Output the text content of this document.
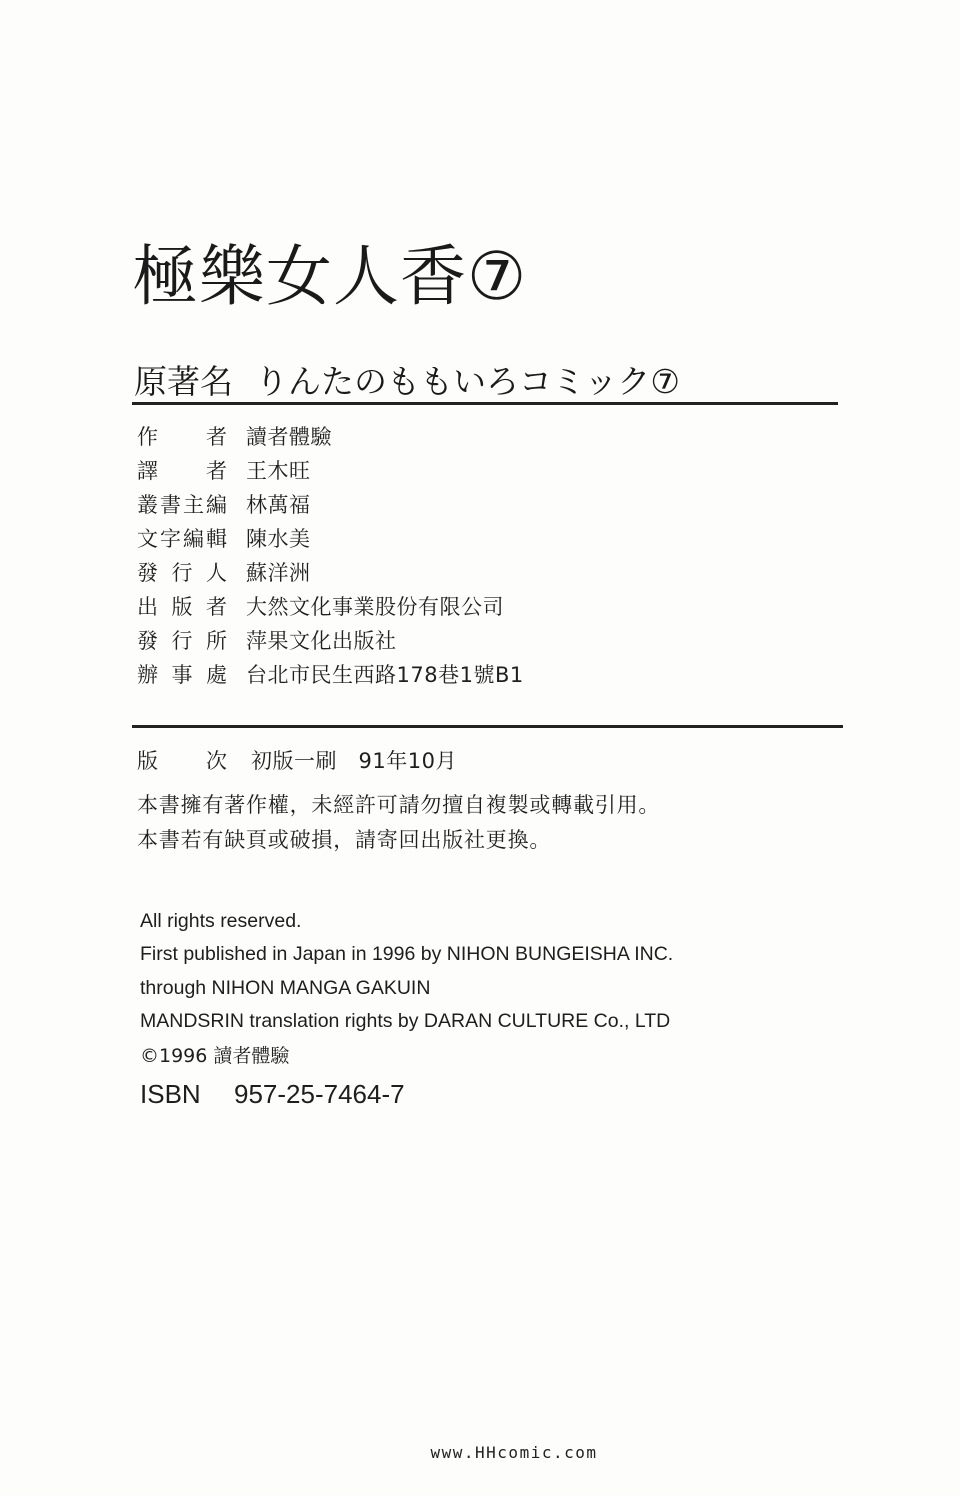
極樂女人香⑦
原著名 りんたのももいろコミック⑦
作　者 讀者體驗
譯　者 王木旺
叢書主編 林萬福
文字編輯 陳水美
發行人 蘇洋洲
出版者 大然文化事業股份有限公司
發行所 萍果文化出版社
辦事處 台北市民生西路178巷1號B1
版　次 初版一刷　91年10月
本書擁有著作權，未經許可請勿擅自複製或轉載引用。
本書若有缺頁或破損，請寄回出版社更換。
All rights reserved.
First published in Japan in 1996 by NIHON BUNGEISHA INC.
through NIHON MANGA GAKUIN
MANDSRIN translation rights by DARAN CULTURE Co., LTD
©1996 讀者體驗
ISBN 957-25-7464-7
www.HHcomic.com
